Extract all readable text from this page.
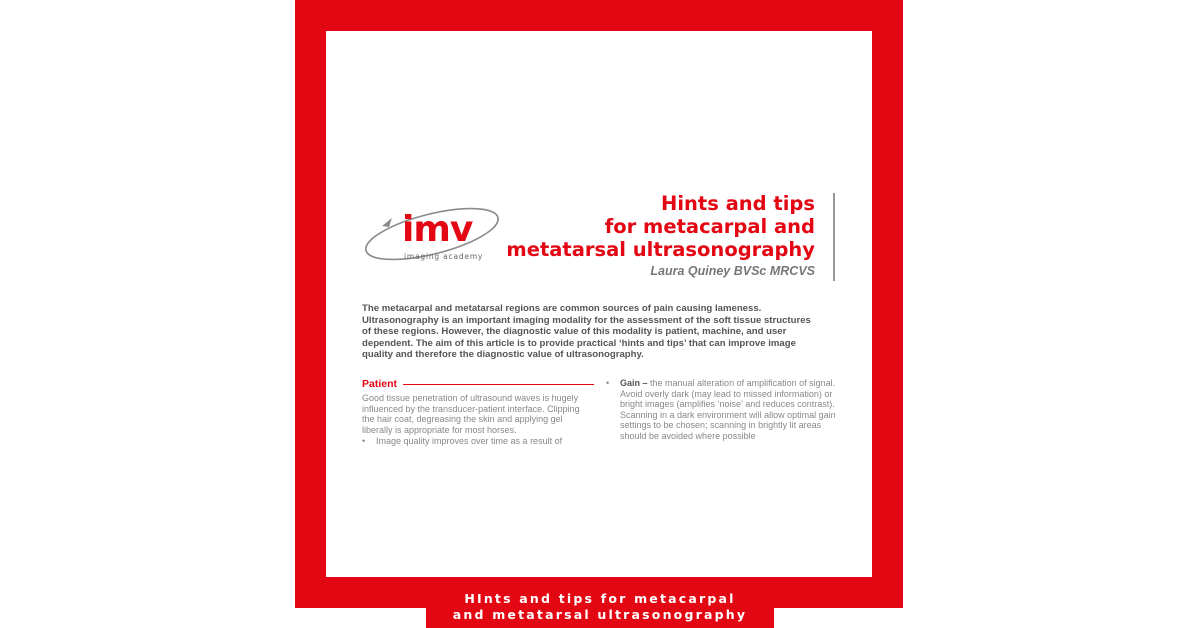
imv
imaging academy
Hints and tips
for metacarpal and
metatarsal ultrasonography
Laura Quiney BVSc MRCVS

The metacarpal and metatarsal regions are common sources of pain causing lameness. Ultrasonography is an important imaging modality for the assessment of the soft tissue structures of these regions. However, the diagnostic value of this modality is patient, machine, and user dependent. The aim of this article is to provide practical ‘hints and tips’ that can improve image quality and therefore the diagnostic value of ultrasonography.

Patient

Good tissue penetration of ultrasound waves is hugely influenced by the transducer-patient interface. Clipping the hair coat, degreasing the skin and applying gel liberally is appropriate for most horses.

•	Image quality improves over time as a result of
•	Gain – the manual alteration of amplification of signal. Avoid overly dark (may lead to missed information) or bright images (amplifies ‘noise’ and reduces contrast). Scanning in a dark environment will allow optimal gain settings to be chosen; scanning in brightly lit areas should be avoided where possible
HInts and tips for metacarpal
and metatarsal ultrasonography
